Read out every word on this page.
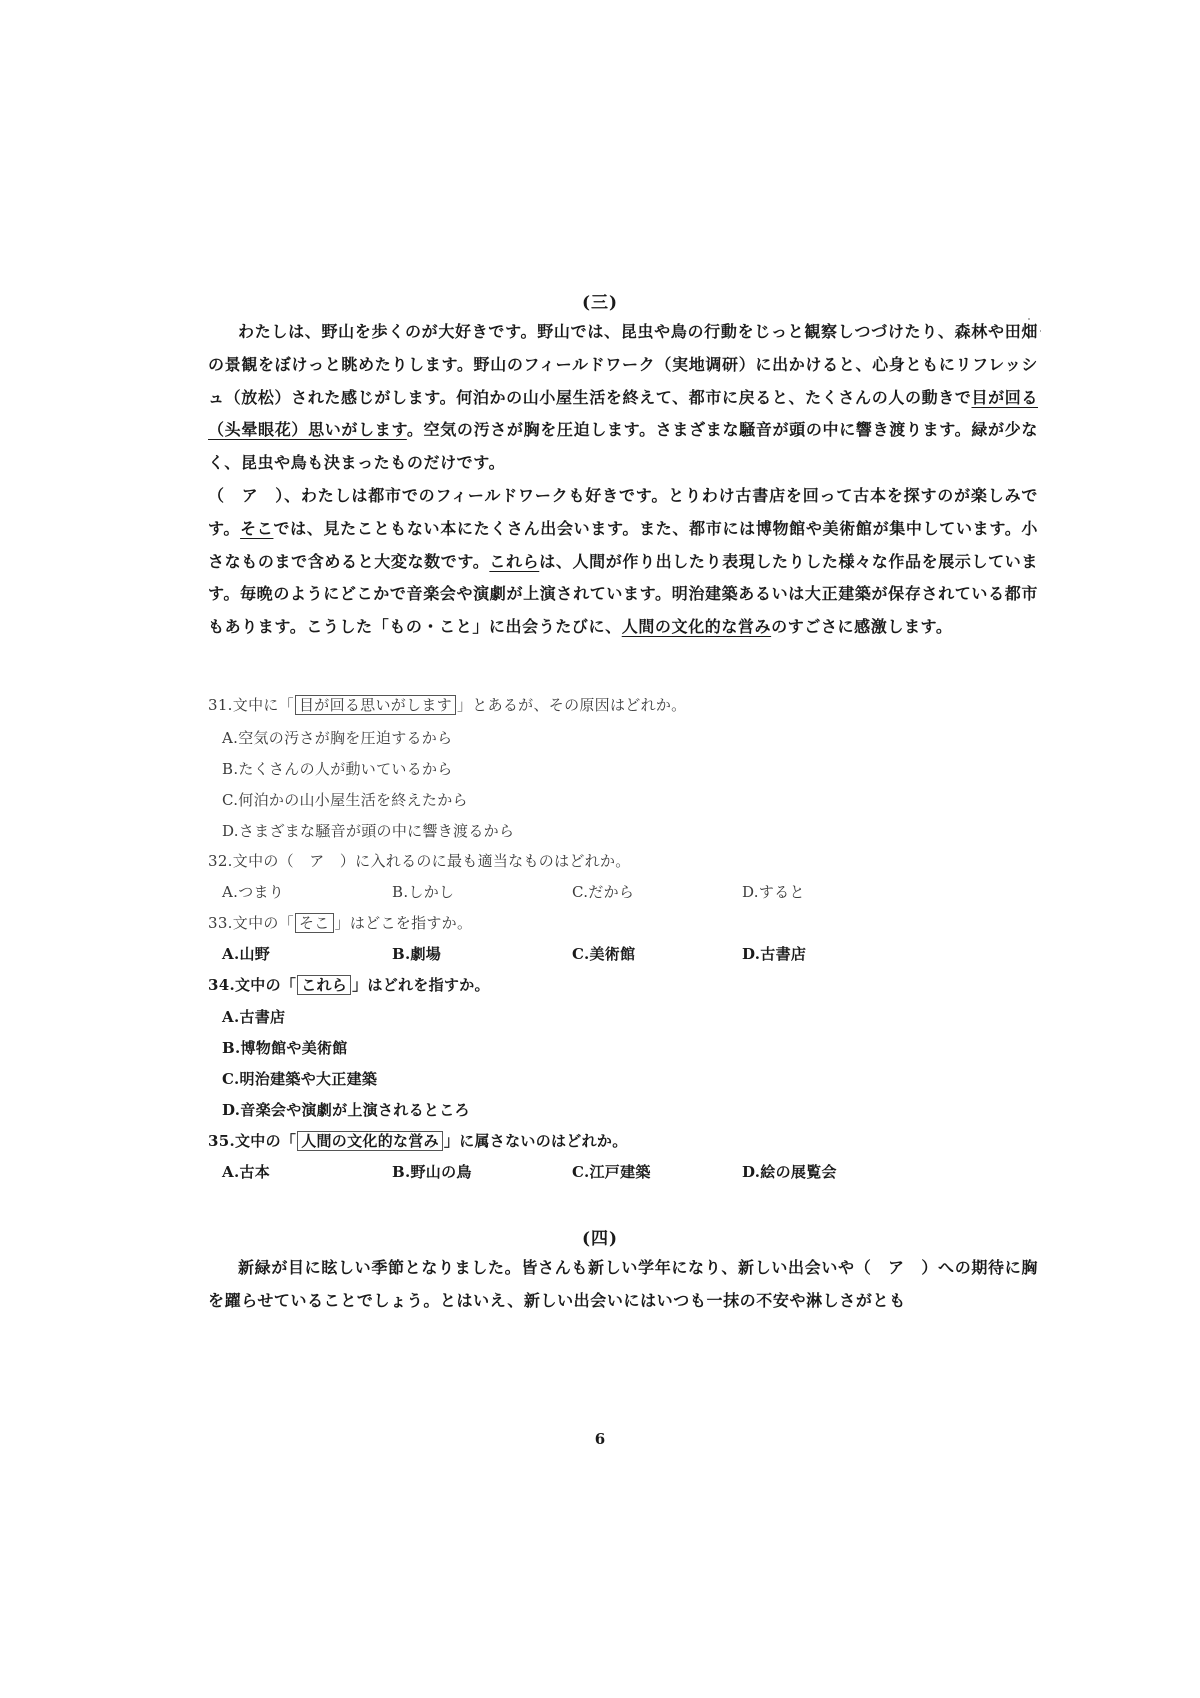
(三)

わたしは、野山を歩くのが大好きです。野山では、昆虫や鳥の行動をじっと観察しつづけたり、森林や田畑の景観をぼけっと眺めたりします。野山のフィールドワーク（実地调研）に出かけると、心身ともにリフレッシュ（放松）された感じがします。何泊かの山小屋生活を終えて、都市に戻ると、たくさんの人の動きで目が回る（头晕眼花）思いがします。空気の汚さが胸を圧迫します。さまざまな騒音が頭の中に響き渡ります。緑が少なく、昆虫や鳥も決まったものだけです。

（　ア　）、わたしは都市でのフィールドワークも好きです。とりわけ古書店を回って古本を探すのが楽しみです。そこでは、見たこともない本にたくさん出会います。また、都市には博物館や美術館が集中しています。小さなものまで含めると大変な数です。これらは、人間が作り出したり表現したりした様々な作品を展示しています。毎晩のようにどこかで音楽会や演劇が上演されています。明治建築あるいは大正建築が保存されている都市もあります。こうした「もの・こと」に出会うたびに、人間の文化的な営みのすごさに感激します。

31.文中に「 目が回る思いがします 」とあるが、その原因はどれか。
A.空気の汚さが胸を圧迫するから
B.たくさんの人が動いているから
C.何泊かの山小屋生活を終えたから
D.さまざまな騒音が頭の中に響き渡るから
32.文中の（　ア　）に入れるのに最も適当なものはどれか。
A.つまり	B.しかし	C.だから	D.すると
33.文中の「 そこ 」はどこを指すか。
A.山野	B.劇場	C.美術館	D.古書店
34.文中の「 これら 」はどれを指すか。
A.古書店
B.博物館や美術館
C.明治建築や大正建築
D.音楽会や演劇が上演されるところ
35.文中の「 人間の文化的な営み 」に属さないのはどれか。
A.古本	B.野山の鳥	C.江戸建築	D.絵の展覧会
(四)

新緑が目に眩しい季節となりました。皆さんも新しい学年になり、新しい出会いや（　ア　）への期待に胸を躍らせていることでしょう。とはいえ、新しい出会いにはいつも一抹の不安や淋しさがとも

6
